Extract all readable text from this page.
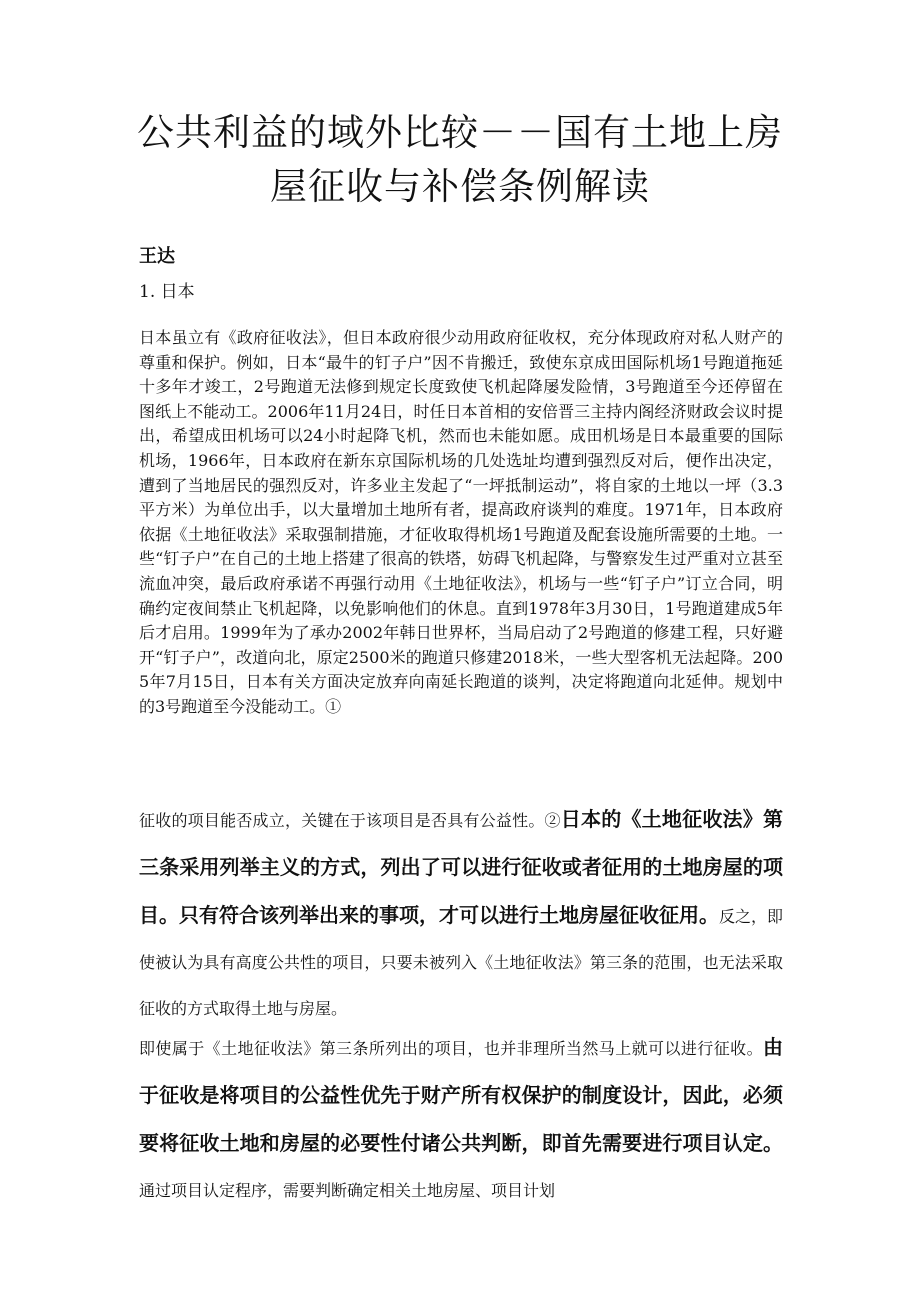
公共利益的域外比较－－国有土地上房屋征收与补偿条例解读

王达

1. 日本

日本虽立有《政府征收法》，但日本政府很少动用政府征收权，充分体现政府对私人财产的尊重和保护。例如，日本“最牛的钉子户”因不肯搬迁，致使东京成田国际机场1号跑道拖延十多年才竣工，2号跑道无法修到规定长度致使飞机起降屡发险情，3号跑道至今还停留在图纸上不能动工。2006年11月24日，时任日本首相的安倍晋三主持内阁经济财政会议时提出，希望成田机场可以24小时起降飞机，然而也未能如愿。成田机场是日本最重要的国际机场，1966年，日本政府在新东京国际机场的几处选址均遭到强烈反对后，便作出决定，遭到了当地居民的强烈反对，许多业主发起了“一坪抵制运动”，将自家的土地以一坪（3.3平方米）为单位出手，以大量增加土地所有者，提高政府谈判的难度。1971年，日本政府依据《土地征收法》采取强制措施，才征收取得机场1号跑道及配套设施所需要的土地。一些“钉子户”在自己的土地上搭建了很高的铁塔，妨碍飞机起降，与警察发生过严重对立甚至流血冲突，最后政府承诺不再强行动用《土地征收法》，机场与一些“钉子户”订立合同，明确约定夜间禁止飞机起降，以免影响他们的休息。直到1978年3月30日，1号跑道建成5年后才启用。1999年为了承办2002年韩日世界杯，当局启动了2号跑道的修建工程，只好避开“钉子户”，改道向北，原定2500米的跑道只修建2018米，一些大型客机无法起降。2005年7月15日，日本有关方面决定放弃向南延长跑道的谈判，决定将跑道向北延伸。规划中的3号跑道至今没能动工。①

征收的项目能否成立，关键在于该项目是否具有公益性。②日本的《土地征收法》第三条采用列举主义的方式，列出了可以进行征收或者征用的土地房屋的项目。只有符合该列举出来的事项，才可以进行土地房屋征收征用。反之，即使被认为具有高度公共性的项目，只要未被列入《土地征收法》第三条的范围，也无法采取征收的方式取得土地与房屋。

即使属于《土地征收法》第三条所列出的项目，也并非理所当然马上就可以进行征收。由于征收是将项目的公益性优先于财产所有权保护的制度设计，因此，必须要将征收土地和房屋的必要性付诸公共判断，即首先需要进行项目认定。通过项目认定程序，需要判断确定相关土地房屋、项目计划
